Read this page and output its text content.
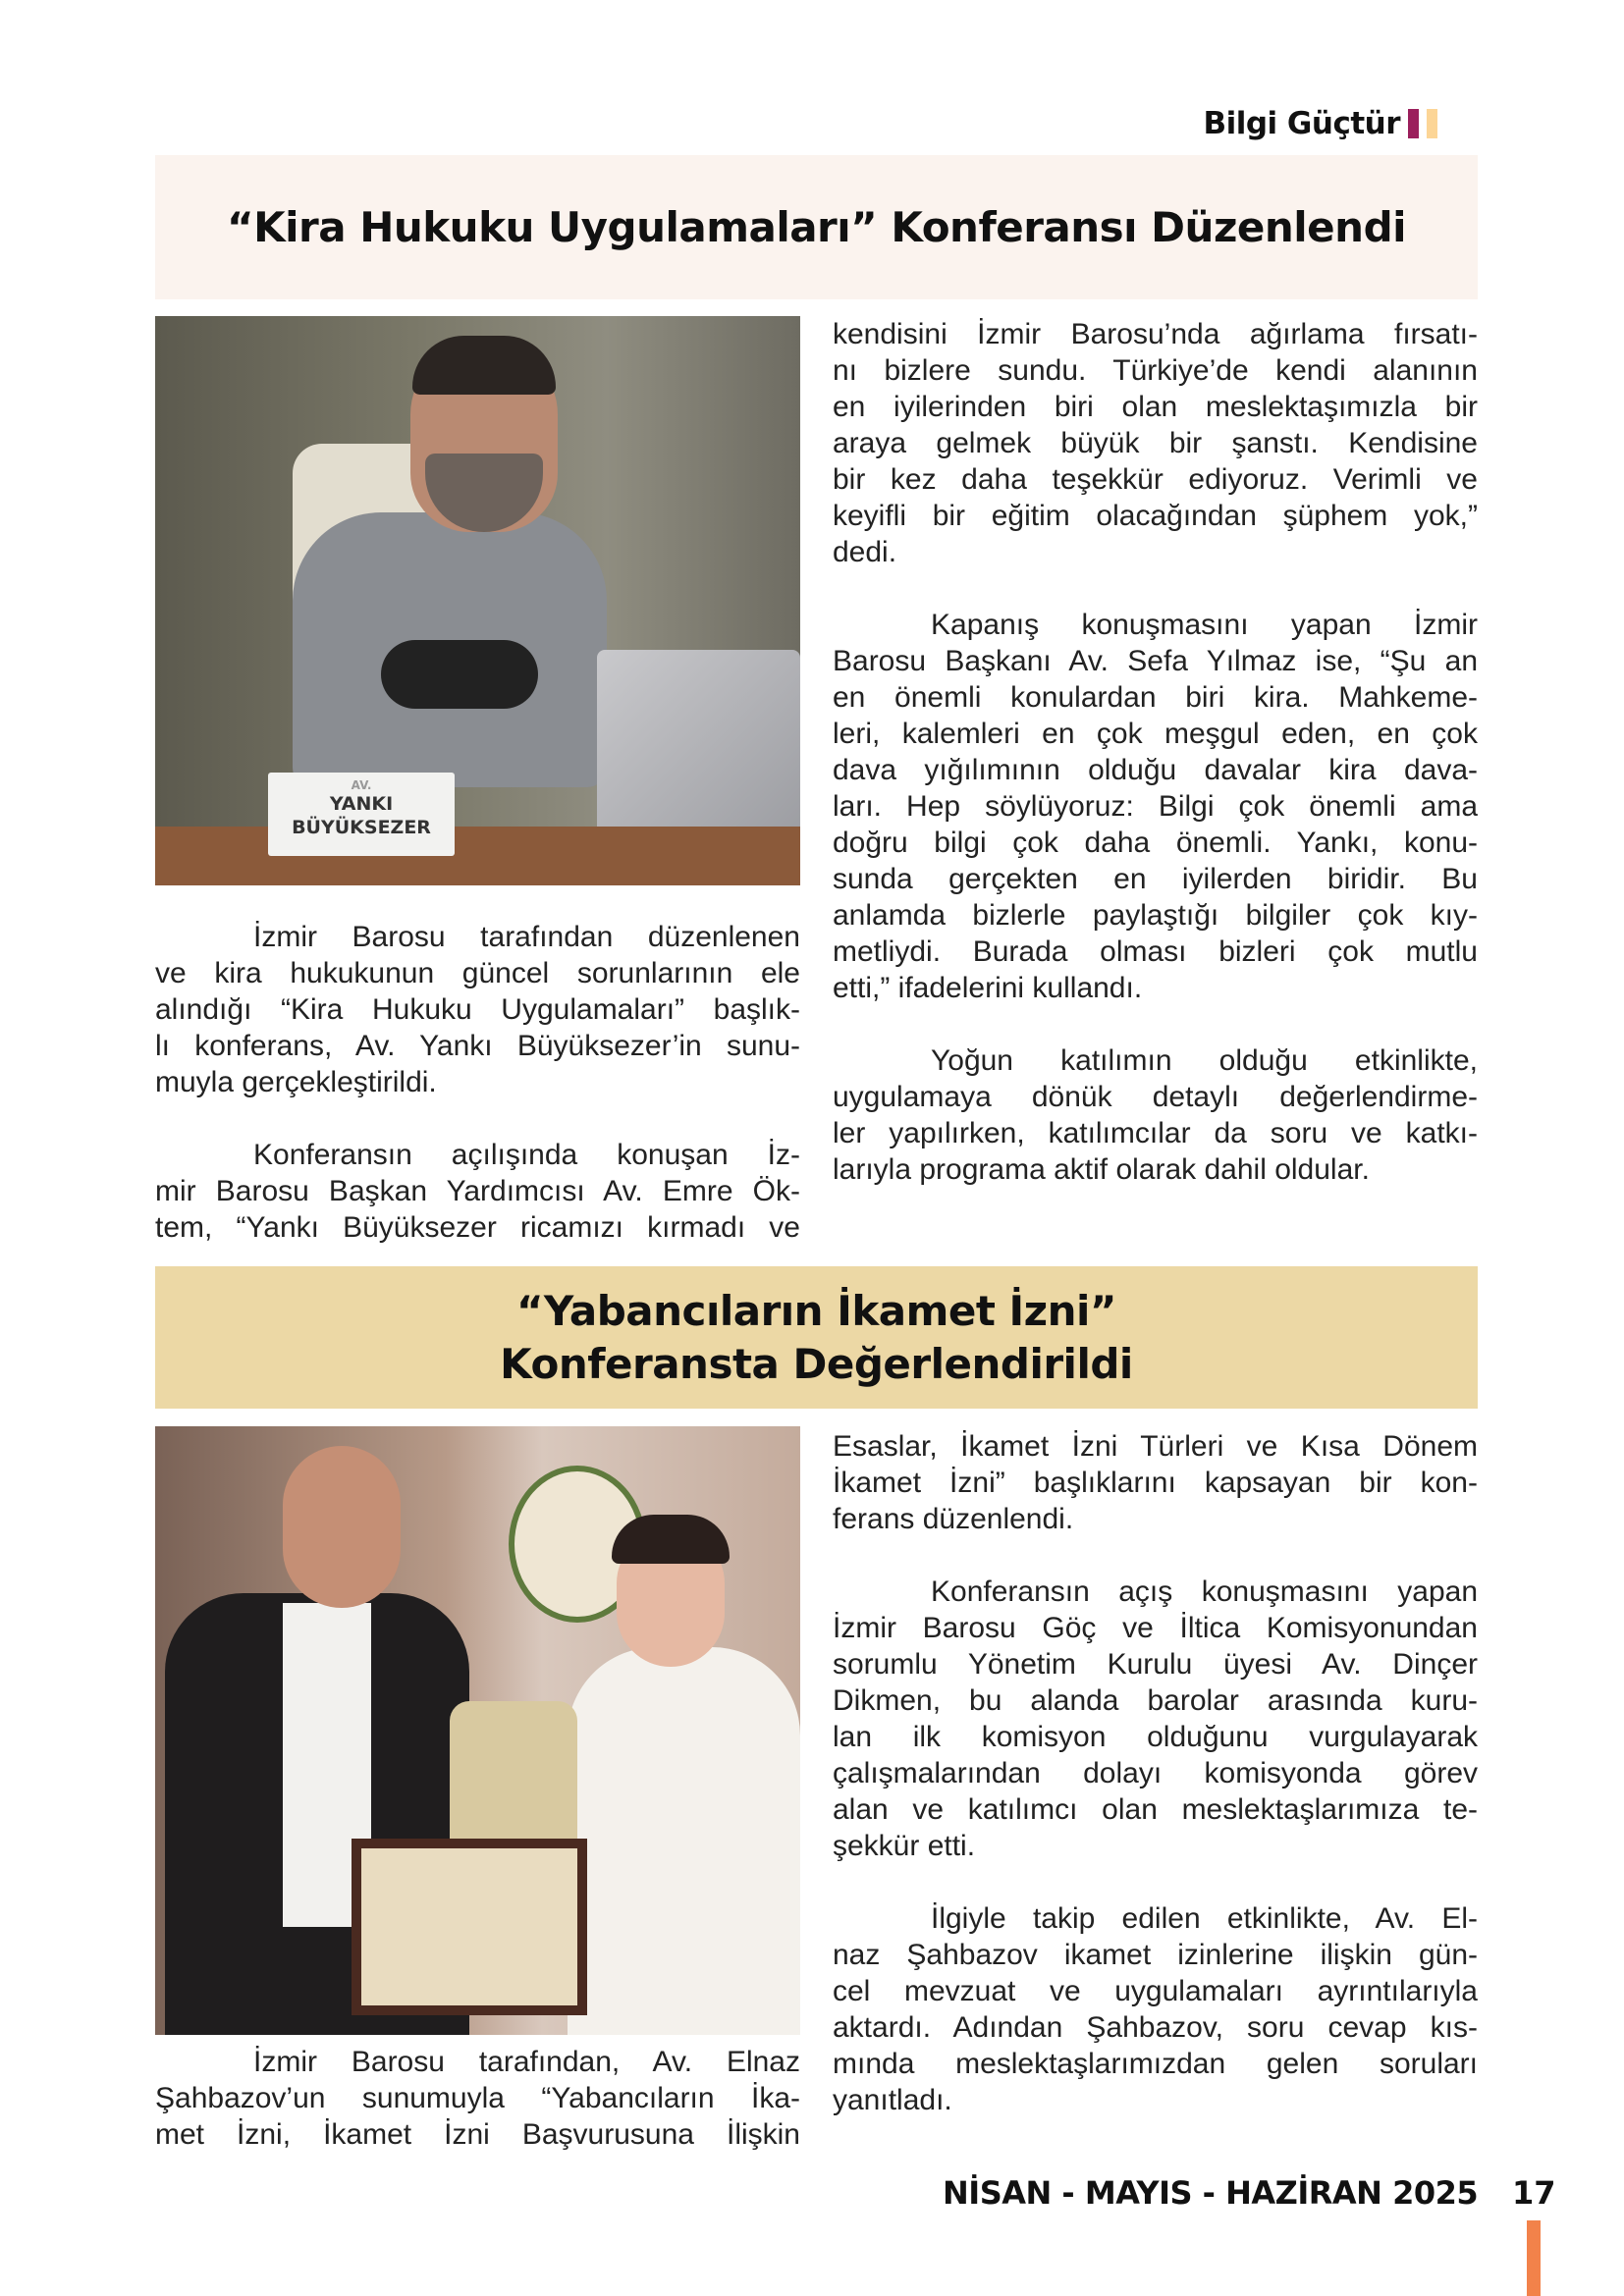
Bilgi Güçtür
“Kira Hukuku Uygulamaları” Konferansı Düzenlendi
AV.
YANKI
BÜYÜKSEZER
İzmir Barosu tarafından düzenlenen
ve kira hukukunun güncel sorunlarının ele
alındığı “Kira Hukuku Uygulamaları” başlık-
lı konferans, Av. Yankı Büyüksezer’in sunu-
muyla gerçekleştirildi.
Konferansın açılışında konuşan İz-
mir Barosu Başkan Yardımcısı Av. Emre Ök-
tem, “Yankı Büyüksezer ricamızı kırmadı ve
kendisini İzmir Barosu’nda ağırlama fırsatı-
nı bizlere sundu. Türkiye’de kendi alanının
en iyilerinden biri olan meslektaşımızla bir
araya gelmek büyük bir şanstı. Kendisine
bir kez daha teşekkür ediyoruz. Verimli ve
keyifli bir eğitim olacağından şüphem yok,”
dedi.
Kapanış konuşmasını yapan İzmir
Barosu Başkanı Av. Sefa Yılmaz ise, “Şu an
en önemli konulardan biri kira. Mahkeme-
leri, kalemleri en çok meşgul eden, en çok
dava yığılımının olduğu davalar kira dava-
ları. Hep söylüyoruz: Bilgi çok önemli ama
doğru bilgi çok daha önemli. Yankı, konu-
sunda gerçekten en iyilerden biridir. Bu
anlamda bizlerle paylaştığı bilgiler çok kıy-
metliydi. Burada olması bizleri çok mutlu
etti,” ifadelerini kullandı.
Yoğun katılımın olduğu etkinlikte,
uygulamaya dönük detaylı değerlendirme-
ler yapılırken, katılımcılar da soru ve katkı-
larıyla programa aktif olarak dahil oldular.
“Yabancıların İkamet İzni”
Konferansta Değerlendirildi
İzmir Barosu tarafından, Av. Elnaz
Şahbazov’un sunumuyla “Yabancıların İka-
met İzni, İkamet İzni Başvurusuna İlişkin
Esaslar, İkamet İzni Türleri ve Kısa Dönem
İkamet İzni” başlıklarını kapsayan bir kon-
ferans düzenlendi.
Konferansın açış konuşmasını yapan
İzmir Barosu Göç ve İltica Komisyonundan
sorumlu Yönetim Kurulu üyesi Av. Dinçer
Dikmen, bu alanda barolar arasında kuru-
lan ilk komisyon olduğunu vurgulayarak
çalışmalarından dolayı komisyonda görev
alan ve katılımcı olan meslektaşlarımıza te-
şekkür etti.
İlgiyle takip edilen etkinlikte, Av. El-
naz Şahbazov ikamet izinlerine ilişkin gün-
cel mevzuat ve uygulamaları ayrıntılarıyla
aktardı. Adından Şahbazov, soru cevap kıs-
mında meslektaşlarımızdan gelen soruları
yanıtladı.
NİSAN - MAYIS - HAZİRAN 2025 17
